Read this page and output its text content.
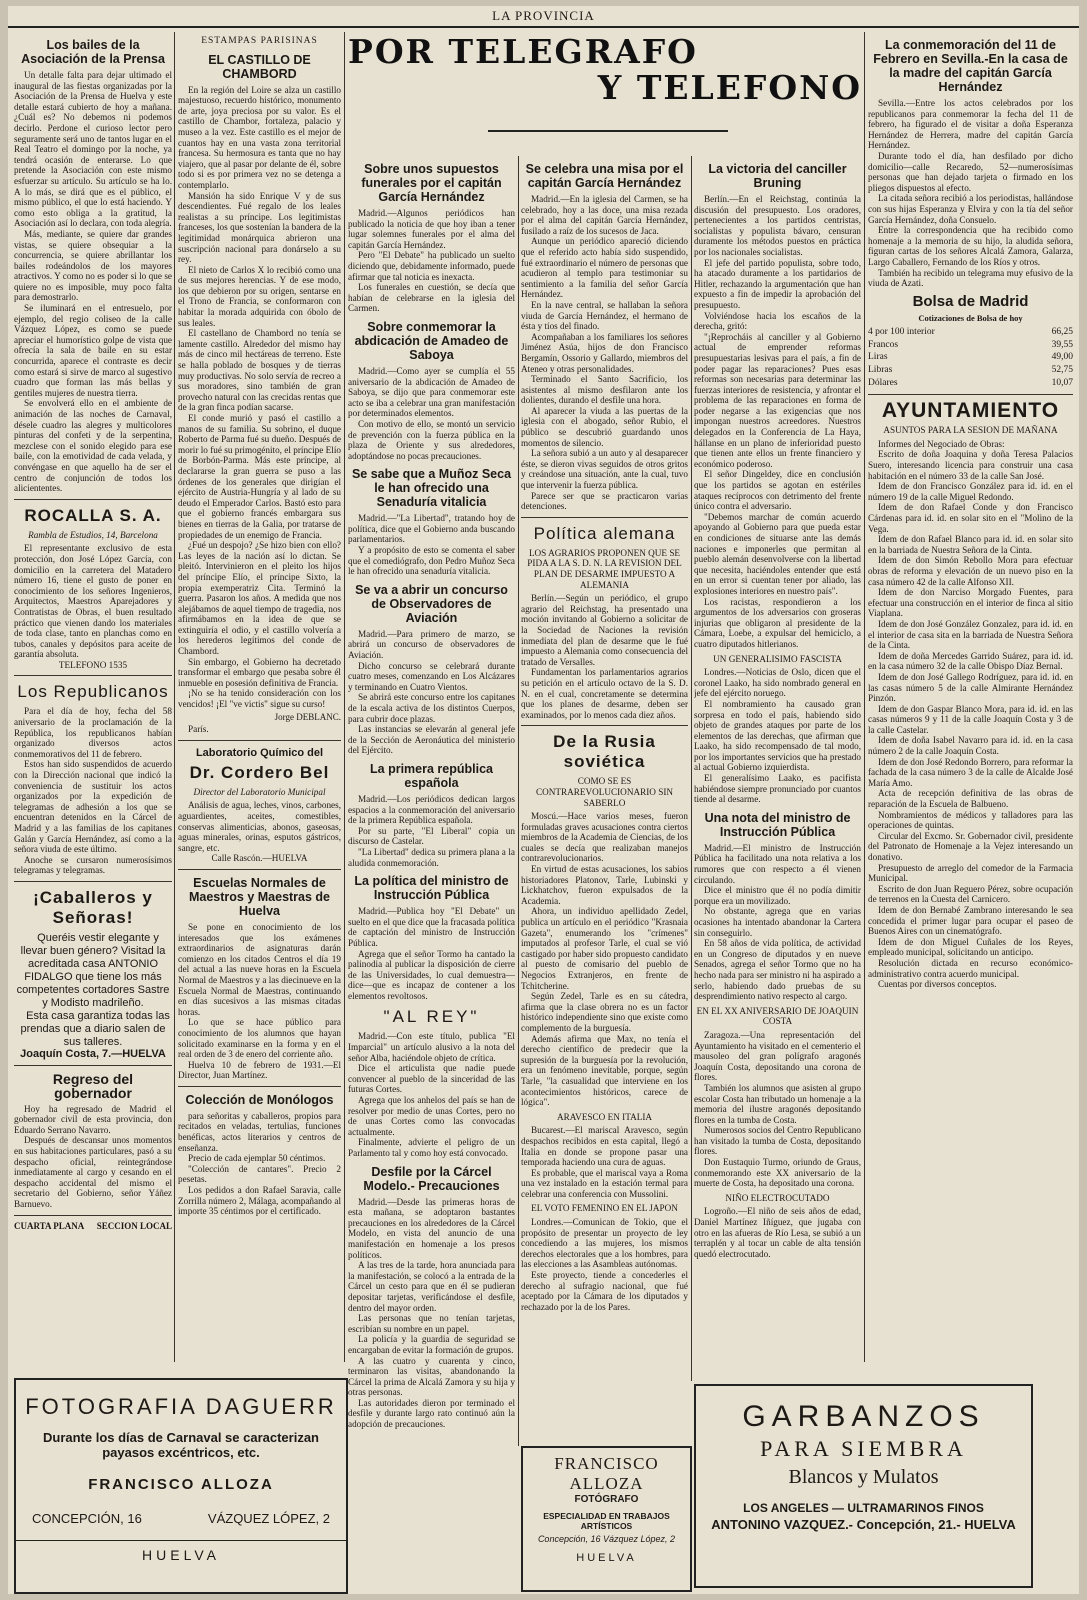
LA PROVINCIA
POR TELEGRAFO
Y TELEFONO
Los bailes de la Asociación de la Prensa

Un detalle falta para dejar ultimado el inaugural de las fiestas organizadas por la Asociación de la Prensa de Huelva y este detalle estará cubierto de hoy a mañana. ¿Cuál es? No debemos ni podemos decirlo. Perdone el curioso lector pero seguramente será uno de tantos lugar en el Real Teatro el domingo por la noche, ya tendrá ocasión de enterarse. Lo que pretende la Asociación con este mismo esfuerzar su artículo. Su artículo se ha lo. A lo más, se dirá que es el público, el mismo público, el que lo está haciendo. Y como esto obliga a la gratitud, la Asociación así lo declara, con toda alegría.

Más, mediante, se quiere dar grandes vistas, se quiere obsequiar a la concurrencia, se quiere abrillantar los bailes rodeándolos de los mayores atractivos. Y como no es poder si lo que se quiere no es imposible, muy poco falta para demostrarlo.

Se iluminará en el entresuelo, por ejemplo, del regio coliseo de la calle Vázquez López, es como se puede apreciar el humorístico golpe de vista que ofrecía la sala de baile en su estar concurrida, aparece el contraste es decir como estará si sirve de marco al sugestivo cuadro que forman las más bellas y gentiles mujeres de nuestra tierra.

Se envolverá ello en el ambiente de animación de las noches de Carnaval, désele cuadro las alegres y multicolores pinturas del confeti y de la serpentina, mezclese con el sonido elegido para ese baile, con la emotividad de cada velada, y convéngase en que aquello ha de ser el centro de conjunción de todos los aliciententes.

ROCALLA S. A.
Rambla de Estudios, 14, Barcelona

El representante exclusivo de esta protección, don José López García, con domicilio en la carretera del Matadero número 16, tiene el gusto de poner en conocimiento de los señores Ingenieros, Arquitectos, Maestros Aparejadores y Contratistas de Obras, el buen resultado práctico que vienen dando los materiales de toda clase, tanto en planchas como en tubos, canales y depósitos para aceite de garantía absoluta.

TELEFONO 1535
Los Republicanos

Para el día de hoy, fecha del 58 aniversario de la proclamación de la República, los republicanos habían organizado diversos actos conmemorativos del 11 de febrero.

Estos han sido suspendidos de acuerdo con la Dirección nacional que indicó la conveniencia de sustituir los actos organizados por la expedición de telegramas de adhesión a los que se encuentran detenidos en la Cárcel de Madrid y a las familias de los capitanes Galán y García Hernández, así como a la señora viuda de este último.

Anoche se cursaron numerosísimos telegramas y telegramas.

¡Caballeros y Señoras!

Queréis vestir elegante y llevar buen género? Visitad la acreditada casa ANTONIO FIDALGO que tiene los más competentes cortadores Sastre y Modisto madrileño.

Esta casa garantiza todas las prendas que a diario salen de sus talleres.

Joaquín Costa, 7.—HUELVA
Regreso del gobernador

Hoy ha regresado de Madrid el gobernador civil de esta provincia, don Eduardo Serrano Navarro.

Después de descansar unos momentos en sus habitaciones particulares, pasó a su despacho oficial, reintegrándose inmediatamente al cargo y cesando en el despacho accidental del mismo el secretario del Gobierno, señor Yáñez Barnuevo.

CUARTA PLANA SECCION LOCAL
ESTAMPAS PARISINAS
EL CASTILLO DE CHAMBORD

En la región del Loire se alza un castillo majestuoso, recuerdo histórico, monumento de arte, joya preciosa por su valor. Es el castillo de Chambor, fortaleza, palacio y museo a la vez. Este castillo es el mejor de cuantos hay en una vasta zona territorial francesa. Su hermosura es tanta que no hay viajero, que al pasar por delante de él, sobre todo si es por primera vez no se detenga a contemplarlo.

Mansión ha sido Enrique V y de sus descendientes. Fué regalo de los leales realistas a su príncipe. Los legitimistas franceses, los que sostenían la bandera de la legitimidad monárquica abrieron una suscripción nacional para donárselo a su rey.

El nieto de Carlos X lo recibió como una de sus mejores herencias. Y de ese modo, los que debieron por su origen, sentarse en el Trono de Francia, se conformaron con habitar la morada adquirida con óbolo de sus leales.

El castellano de Chambord no tenía se lamente castillo. Alrededor del mismo hay más de cinco mil hectáreas de terreno. Este se halla poblado de bosques y de tierras muy productivas. No solo servía de recreo a sus moradores, sino también de gran provecho natural con las crecidas rentas que de la gran finca podían sacarse.

El conde murió y pasó el castillo a manos de su familia. Su sobrino, el duque Roberto de Parma fué su dueño. Después de morir lo fué su primogénito, el príncipe Elío de Borbón-Parma. Más este príncipe, al declararse la gran guerra se puso a las órdenes de los generales que dirigían el ejército de Austria-Hungría y al lado de su deudo el Emperador Carlos. Bastó esto para que el gobierno francés embargara sus bienes en tierras de la Galia, por tratarse de propiedades de un enemigo de Francia.

¿Fué un despojo? ¿Se hizo bien con ello? Las leyes de la nación así lo dictan. Se pleitó. Intervinieron en el pleito los hijos del príncipe Elío, el príncipe Sixto, la propia exemperatriz Cita. Terminó la guerra. Pasaron los años. A medida que nos alejábamos de aquel tiempo de tragedia, nos afirmábamos en la idea de que se extinguiría el odio, y el castillo volvería a los herederos legítimos del conde de Chambord.

Sin embargo, el Gobierno ha decretado transformar el embargo que pesaba sobre él inmueble en posesión definitiva de Francia.

¡No se ha tenido consideración con los vencidos! ¡El "ve victis" sigue su curso!

Jorge DEBLANC.

París.

Laboratorio Químico del
Dr. Cordero Bel
Director del Laboratorio Municipal

Análisis de agua, leches, vinos, carbones, aguardientes, aceites, comestibles, conservas alimenticias, abonos, gaseosas, aguas minerales, orinas, esputos gástricos, sangre, etc.

Calle Rascón.—HUELVA
Escuelas Normales de Maestros y Maestras de Huelva

Se pone en conocimiento de los interesados que los exámenes extraordinarios de asignaturas darán comienzo en los citados Centros el día 19 del actual a las nueve horas en la Escuela Normal de Maestros y a las diecinueve en la Escuela Normal de Maestras, continuando en días sucesivos a las mismas citadas horas.

Lo que se hace público para conocimiento de los alumnos que hayan solicitado examinarse en la forma y en el real orden de 3 de enero del corriente año.

Huelva 10 de febrero de 1931.—El Director, Juan Martínez.

Colección de Monólogos

para señoritas y caballeros, propios para recitados en veladas, tertulias, funciones benéficas, actos literarios y centros de enseñanza.

Precio de cada ejemplar 50 céntimos.

"Colección de cantares". Precio 2 pesetas.

Los pedidos a don Rafael Saravia, calle Zorrilla número 2, Málaga, acompañando al importe 35 céntimos por el certificado.

Sobre unos supuestos funerales por el capitán García Hernández

Madrid.—Algunos periódicos han publicado la noticia de que hoy iban a tener lugar solemnes funerales por el alma del capitán García Hernández.

Pero "El Debate" ha publicado un suelto diciendo que, debidamente informado, puede afirmar que tal noticia es inexacta.

Los funerales en cuestión, se decía que habían de celebrarse en la iglesia del Carmen.

Sobre conmemorar la abdicación de Amadeo de Saboya

Madrid.—Como ayer se cumplía el 55 aniversario de la abdicación de Amadeo de Saboya, se dijo que para conmemorar este acto se iba a celebrar una gran manifestación por determinados elementos.

Con motivo de ello, se montó un servicio de prevención con la fuerza pública en la plaza de Oriente y sus alrededores, adoptándose no pocas precauciones.

Se sabe que a Muñoz Seca le han ofrecido una Senaduría vitalicia

Madrid.—"La Libertad", tratando hoy de política, dice que el Gobierno anda buscando parlamentarios.

Y a propósito de esto se comenta el saber que el comediógrafo, don Pedro Muñoz Seca le han ofrecido una senaduría vitalicia.

Se va a abrir un concurso de Observadores de Aviación

Madrid.—Para primero de marzo, se abrirá un concurso de observadores de Aviación.

Dicho concurso se celebrará durante cuatro meses, comenzando en Los Alcázares y terminando en Cuatro Vientos.

Se abrirá este concurso entre los capitanes de la escala activa de los distintos Cuerpos, para cubrir doce plazas.

Las instancias se elevarán al general jefe de la Sección de Aeronáutica del ministerio del Ejército.

La primera república española

Madrid.—Los periódicos dedican largos espacios a la conmemoración del aniversario de la primera República española.

Por su parte, "El Liberal" copia un discurso de Castelar.

"La Libertad" dedica su primera plana a la aludida conmemoración.

La política del ministro de Instrucción Pública

Madrid.—Publica hoy "El Debate" un suelto en el que dice que la fracasada política de captación del ministro de Instrucción Pública.

Agrega que el señor Tormo ha cantado la palinodia al publicar la disposición de cierre de las Universidades, lo cual demuestra—dice—que es incapaz de contener a los elementos revoltosos.

"AL REY"

Madrid.—Con este título, publica "El Imparcial" un artículo alusivo a la nota del señor Alba, haciéndole objeto de crítica.

Dice el articulista que nadie puede convencer al pueblo de la sinceridad de las futuras Cortes.

Agrega que los anhelos del país se han de resolver por medio de unas Cortes, pero no de unas Cortes como las convocadas actualmente.

Finalmente, advierte el peligro de un Parlamento tal y como hoy está convocado.

Desfile por la Cárcel Modelo.- Precauciones

Madrid.—Desde las primeras horas de esta mañana, se adoptaron bastantes precauciones en los alrededores de la Cárcel Modelo, en vista del anuncio de una manifestación en homenaje a los presos políticos.

A las tres de la tarde, hora anunciada para la manifestación, se colocó a la entrada de la Cárcel un cesto para que en él se pudieran depositar tarjetas, verificándose el desfile, dentro del mayor orden.

Las personas que no tenían tarjetas, escribían su nombre en un papel.

La policía y la guardia de seguridad se encargaban de evitar la formación de grupos.

A las cuatro y cuarenta y cinco, terminaron las visitas, abandonando la Cárcel la prima de Alcalá Zamora y su hija y otras personas.

Las autoridades dieron por terminado el desfile y durante largo rato continuó aún la adopción de precauciones.

Se celebra una misa por el capitán García Hernández

Madrid.—En la iglesia del Carmen, se ha celebrado, hoy a las doce, una misa rezada por el alma del capitán García Hernández, fusilado a raíz de los sucesos de Jaca.

Aunque un periódico apareció diciendo que el referido acto había sido suspendido, fué extraordinario el número de personas que acudieron al templo para testimoniar su sentimiento a la familia del señor García Hernández.

En la nave central, se hallaban la señora viuda de García Hernández, el hermano de ésta y tíos del finado.

Acompañaban a los familiares los señores Jiménez Asúa, hijos de don Francisco Bergamín, Ossorio y Gallardo, miembros del Ateneo y otras personalidades.

Terminado el Santo Sacrificio, los asistentes al mismo desfilaron ante los dolientes, durando el desfile una hora.

Al aparecer la viuda a las puertas de la iglesia con el abogado, señor Rubio, el público se descubrió guardando unos momentos de silencio.

La señora subió a un auto y al desaparecer éste, se dieron vivas seguidos de otros gritos y creándose una situación, ante la cual, tuvo que intervenir la fuerza pública.

Parece ser que se practicaron varias detenciones.

Política alemana
LOS AGRARIOS PROPONEN QUE SE PIDA A LA S. D. N. LA REVISION DEL PLAN DE DESARME IMPUESTO A ALEMANIA

Berlín.—Según un periódico, el grupo agrario del Reichstag, ha presentado una moción invitando al Gobierno a solicitar de la Sociedad de Naciones la revisión inmediata del plan de desarme que le fué impuesto a Alemania como consecuencia del tratado de Versalles.

Fundamentan los parlamentarios agrarios su petición en el artículo octavo de la S. D. N. en el cual, concretamente se determina que los planes de desarme, deben ser examinados, por lo menos cada diez años.

De la Rusia soviética
COMO SE ES CONTRAREVOLUCIONARIO SIN SABERLO

Moscú.—Hace varios meses, fueron formuladas graves acusaciones contra ciertos miembros de la Academia de Ciencias, de los cuales se decía que realizaban manejos contrarevolucionarios.

En virtud de estas acusaciones, los sabios historiadores Platonov, Tarle, Lubinski y Lickhatchov, fueron expulsados de la Academia.

Ahora, un individuo apellidado Zedel, publica un artículo en el periódico "Krasnaia Gazeta", enumerando los "crímenes" imputados al profesor Tarle, el cual se vió castigado por haber sido propuesto candidato al puesto de comisario del pueblo de Negocios Extranjeros, en frente de Tchitcherine.

Según Zedel, Tarle es en su cátedra, afirma que la clase obrera no es un factor histórico independiente sino que existe como complemento de la burguesía.

Además afirma que Max, no tenía el derecho científico de predecir que la supresión de la burguesía por la revolución, era un fenómeno inevitable, porque, según Tarle, "la casualidad que interviene en los acontecimientos históricos, carece de lógica".

ARAVESCO EN ITALIA

Bucarest.—El mariscal Aravesco, según despachos recibidos en esta capital, llegó a Italia en donde se propone pasar una temporada haciendo una cura de aguas.

Es probable, que el mariscal vaya a Roma una vez instalado en la estación termal para celebrar una conferencia con Mussolini.

EL VOTO FEMENINO EN EL JAPON

Londres.—Comunican de Tokio, que el propósito de presentar un proyecto de ley concediendo a las mujeres, los mismos derechos electorales que a los hombres, para las elecciones a las Asambleas autónomas.

Este proyecto, tiende a concederles el derecho al sufragio nacional, que fué aceptado por la Cámara de los diputados y rechazado por la de los Pares.

La victoria del canciller Bruning

Berlín.—En el Reichstag, continúa la discusión del presupuesto. Los oradores, pertenecientes a los partidos centristas, socialistas y populista bávaro, censuran duramente los métodos puestos en práctica por los nacionales socialistas.

El jefe del partido populista, sobre todo, ha atacado duramente a los partidarios de Hitler, rechazando la argumentación que han expuesto a fin de impedir la aprobación del presupuesto.

Volviéndose hacia los escaños de la derecha, gritó:

"¡Reprocháis al canciller y al Gobierno actual de emprender reformas presupuestarias lesivas para el país, a fin de poder pagar las reparaciones? Pues esas reformas son necesarias para determinar las fuerzas interiores de resistencia, y afrontar el problema de las reparaciones en forma de poder negarse a las exigencias que nos impongan nuestros acreedores. Nuestros delegados en la Conferencia de La Haya, hállanse en un plano de inferioridad puesto que tienen ante ellos un frente financiero y económico poderoso.

El señor Dingeldey, dice en conclusión que los partidos se agotan en estériles ataques recíprocos con detrimento del frente único contra el adversario.

"Debemos marchar de común acuerdo apoyando al Gobierno para que pueda estar en condiciones de situarse ante las demás naciones e imponerles que permitan al pueblo alemán desenvolverse con la libertad que necesita, haciéndoles entender que está en un error si cuentan tener por aliado, las explosiones interiores en nuestro país".

Los racistas, respondieron a los argumentos de los adversarios con groseras injurias que obligaron al presidente de la Cámara, Loebe, a expulsar del hemiciclo, a cuatro diputados hitlerianos.

UN GENERALISIMO FASCISTA

Londres.—Noticias de Oslo, dicen que el coronel Laako, ha sido nombrado general en jefe del ejército noruego.

El nombramiento ha causado gran sorpresa en todo el país, habiendo sido objeto de grandes ataques por parte de los elementos de las derechas, que afirman que Laako, ha sido recompensado de tal modo, por los importantes servicios que ha prestado al actual Gobierno izquierdista.

El generalísimo Laako, es pacifista habiéndose siempre pronunciado por cuantos tiende al desarme.

Una nota del ministro de Instrucción Pública

Madrid.—El ministro de Instrucción Pública ha facilitado una nota relativa a los rumores que con respecto a él vienen circulando.

Dice el ministro que él no podía dimitir porque era un movilizado.

No obstante, agrega que en varias ocasiones ha intentado abandonar la Cartera sin conseguirlo.

En 58 años de vida política, de actividad en un Congreso de diputados y en nueve Senados, agrega el señor Tormo que no ha hecho nada para ser ministro ni ha aspirado a serlo, habiendo dado pruebas de su desprendimiento nativo respecto al cargo.

EN EL XX ANIVERSARIO DE JOAQUIN COSTA

Zaragoza.—Una representación del Ayuntamiento ha visitado en el cementerio el mausoleo del gran polígrafo aragonés Joaquín Costa, depositando una corona de flores.

También los alumnos que asisten al grupo escolar Costa han tributado un homenaje a la memoria del ilustre aragonés depositando flores en la tumba de Costa.

Numerosos socios del Centro Republicano han visitado la tumba de Costa, depositando flores.

Don Eustaquio Turmo, oriundo de Graus, conmemorando este XX aniversario de la muerte de Costa, ha depositado una corona.

NIÑO ELECTROCUTADO

Logroño.—El niño de seis años de edad, Daniel Martínez Iñíguez, que jugaba con otro en las afueras de Río Lesa, se subió a un terraplén y al tocar un cable de alta tensión quedó electrocutado.

La conmemoración del 11 de Febrero en Sevilla.-En la casa de la madre del capitán García Hernández

Sevilla.—Entre los actos celebrados por los republicanos para conmemorar la fecha del 11 de febrero, ha figurado el de visitar a doña Esperanza Hernández de Herrera, madre del capitán García Hernández.

Durante todo el día, han desfilado por dicho domicilio—calle Recaredo, 52—numerosísimas personas que han dejado tarjeta o firmado en los pliegos dispuestos al efecto.

La citada señora recibió a los periodistas, hallándose con sus hijas Esperanza y Elvira y con la tía del señor García Hernández, doña Consuelo.

Entre la correspondencia que ha recibido como homenaje a la memoria de su hijo, la aludida señora, figuran cartas de los señores Alcalá Zamora, Galarza, Largo Caballero, Fernando de los Ríos y otros.

También ha recibido un telegrama muy efusivo de la viuda de Azati.

Bolsa de Madrid
Cotizaciones de Bolsa de hoy
4 por 100 interior	66,25
Francos	39,55
Liras	49,00
Libras	52,75
Dólares	10,07
AYUNTAMIENTO
ASUNTOS PARA LA SESION DE MAÑANA

Informes del Negociado de Obras:

Escrito de doña Joaquina y doña Teresa Palacios Suero, interesando licencia para construir una casa habitación en el número 33 de la calle San José.

Idem de don Francisco González para id. id. en el número 19 de la calle Miguel Redondo.

Idem de don Rafael Conde y don Francisco Cárdenas para id. id. en solar sito en el "Molino de la Vega.

Idem de don Rafael Blanco para id. id. en solar sito en la barriada de Nuestra Señora de la Cinta.

Idem de don Simón Rebollo Mora para efectuar obras de reforma y elevación de un nuevo piso en la casa número 42 de la calle Alfonso XII.

Idem de don Narciso Morgado Fuentes, para efectuar una construcción en el interior de finca al sitio Viaplana.

Idem de don José González Gonzalez, para id. id. en el interior de casa sita en la barriada de Nuestra Señora de la Cinta.

Idem de doña Mercedes Garrido Suárez, para id. id. en la casa número 32 de la calle Obispo Díaz Bernal.

Idem de don José Gallego Rodríguez, para id. id. en las casas número 5 de la calle Almirante Hernández Pinzón.

Idem de don Gaspar Blanco Mora, para id. id. en las casas números 9 y 11 de la calle Joaquín Costa y 3 de la calle Castelar.

Idem de doña Isabel Navarro para id. id. en la casa número 2 de la calle Joaquín Costa.

Idem de don José Redondo Borrero, para reformar la fachada de la casa número 3 de la calle de Alcalde José María Amo.

Acta de recepción definitiva de las obras de reparación de la Escuela de Balbueno.

Nombramientos de médicos y talladores para las operaciones de quintas.

Circular del Excmo. Sr. Gobernador civil, presidente del Patronato de Homenaje a la Vejez interesando un donativo.

Presupuesto de arreglo del comedor de la Farmacia Municipal.

Escrito de don Juan Reguero Pérez, sobre ocupación de terrenos en la Cuesta del Carnicero.

Idem de don Bernabé Zambrano interesando le sea concedida el primer lugar para ocupar el paseo de Buenos Aires con un cinematógrafo.

Idem de don Miguel Cuñales de los Reyes, empleado municipal, solicitando un anticipo.

Resolución dictada en recurso económico-administrativo contra acuerdo municipal.

Cuentas por diversos conceptos.

FOTOGRAFIA DAGUERR
Durante los días de Carnaval se caracterizan payasos excéntricos, etc.
FRANCISCO ALLOZA
CONCEPCIÓN, 16	VÁZQUEZ LÓPEZ, 2
HUELVA
FRANCISCO ALLOZA
FOTÓGRAFO
ESPECIALIDAD EN TRABAJOS ARTÍSTICOS
Concepción, 16 Vázquez López, 2
HUELVA
GARBANZOS
PARA SIEMBRA
Blancos y Mulatos
LOS ANGELES — ULTRAMARINOS FINOS
ANTONINO VAZQUEZ.- Concepción, 21.- HUELVA
